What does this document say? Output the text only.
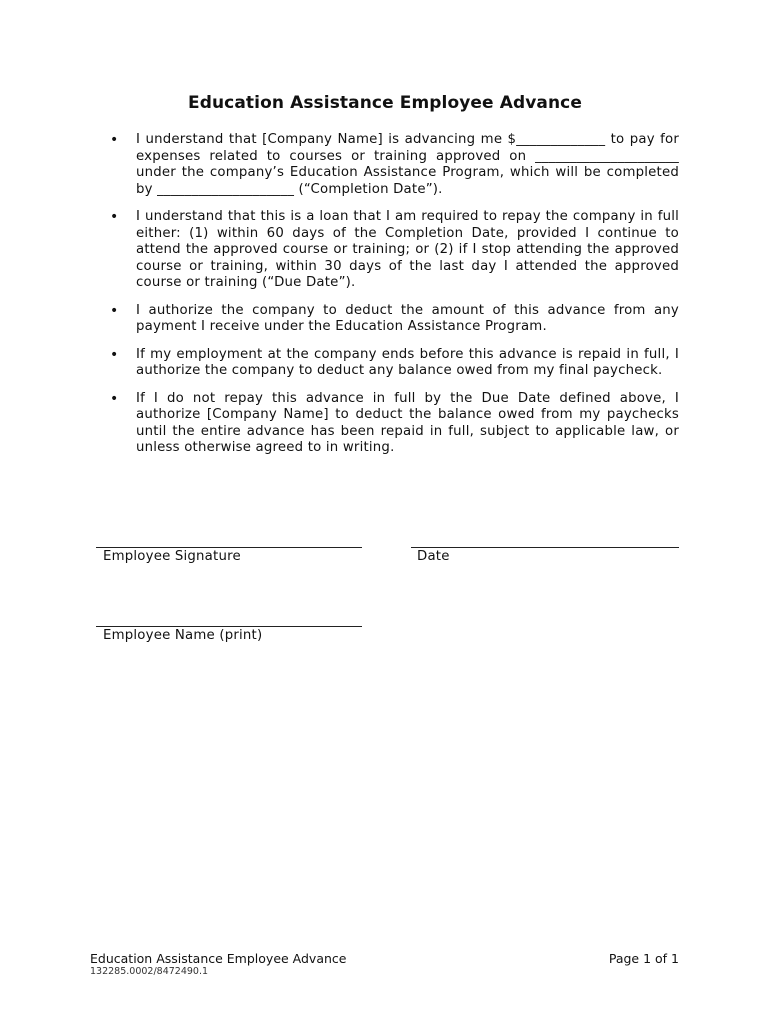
Education Assistance Employee Advance
• I understand that [Company Name] is advancing me $_____________ to pay for expenses related to courses or training approved on _____________________ under the company’s Education Assistance Program, which will be completed by ____________________ (“Completion Date”).
• I understand that this is a loan that I am required to repay the company in full either: (1) within 60 days of the Completion Date, provided I continue to attend the approved course or training; or (2) if I stop attending the approved course or training, within 30 days of the last day I attended the approved course or training (“Due Date”).
• I authorize the company to deduct the amount of this advance from any payment I receive under the Education Assistance Program.
• If my employment at the company ends before this advance is repaid in full, I authorize the company to deduct any balance owed from my final paycheck.
• If I do not repay this advance in full by the Due Date defined above, I authorize [Company Name] to deduct the balance owed from my paychecks until the entire advance has been repaid in full, subject to applicable law, or unless otherwise agreed to in writing.
Employee Signature	Date
Employee Name (print)
Education Assistance Employee Advance	Page 1 of 1
132285.0002/8472490.1
